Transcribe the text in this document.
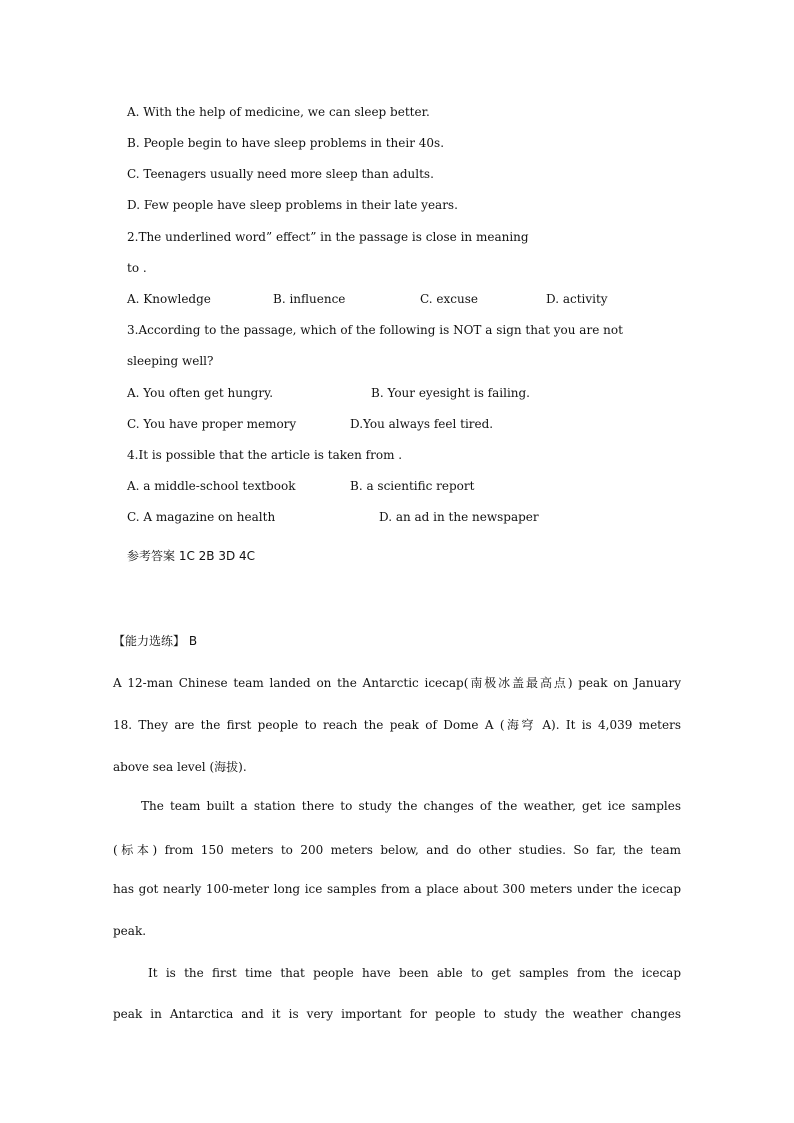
A. With the help of medicine, we can sleep better.
B. People begin to have sleep problems in their 40s.
C. Teenagers usually need more sleep than adults.
D. Few people have sleep problems in their late years.
2.The underlined word” effect” in the passage is close in meaning
to .
A. Knowledge	B. influence	C. excuse	D. activity
3.According to the passage, which of the following is NOT a sign that you are not
sleeping well?
A. You often get hungry.	B. Your eyesight is failing.
C. You have proper memory	D.You always feel tired.
4.It is possible that the article is taken from .
A. a middle-school textbook	B. a scientific report
C. A magazine on health	D. an ad in the newspaper
参考答案 1C 2B 3D 4C
【能力选练】 B
A 12-man Chinese team landed on the Antarctic icecap(南极冰盖最高点) peak on January
18. They are the first people to reach the peak of Dome A (海穹 A). It is 4,039 meters
above sea level (海拔).
The team built a station there to study the changes of the weather, get ice samples
(标本) from 150 meters to 200 meters below, and do other studies. So far, the team
has got nearly 100-meter long ice samples from a place about 300 meters under the icecap
peak.
It is the first time that people have been able to get samples from the icecap
peak in Antarctica and it is very important for people to study the weather changes
